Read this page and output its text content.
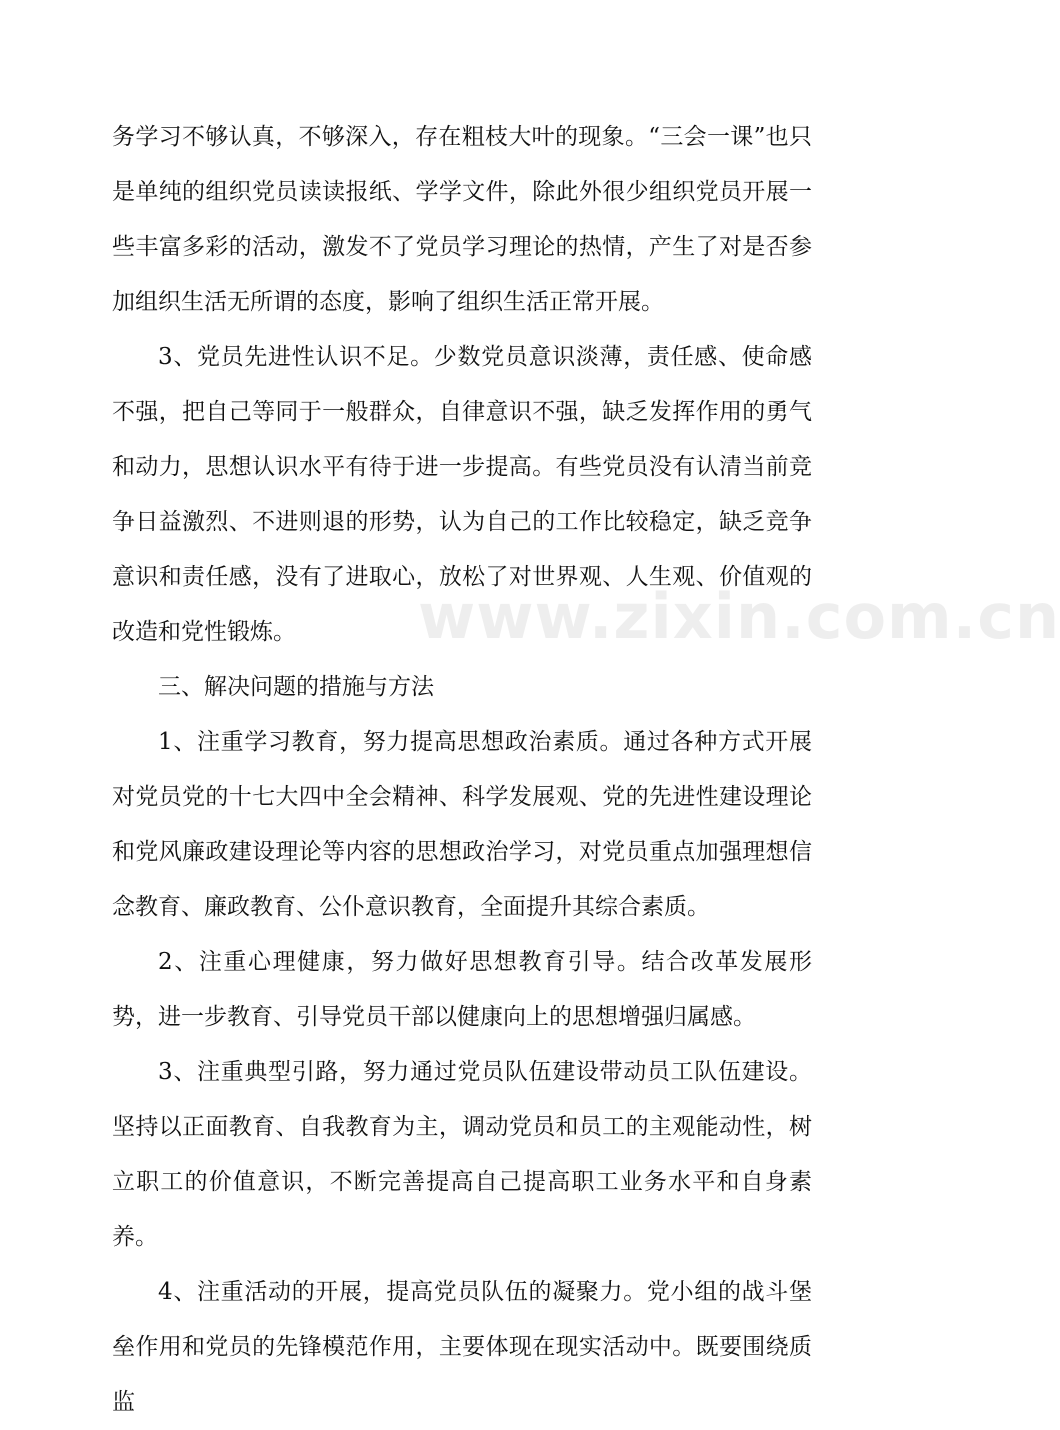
务学习不够认真，不够深入，存在粗枝大叶的现象。“三会一课”也只是单纯的组织党员读读报纸、学学文件，除此外很少组织党员开展一些丰富多彩的活动，激发不了党员学习理论的热情，产生了对是否参加组织生活无所谓的态度，影响了组织生活正常开展。

3、党员先进性认识不足。少数党员意识淡薄，责任感、使命感不强，把自己等同于一般群众，自律意识不强，缺乏发挥作用的勇气和动力，思想认识水平有待于进一步提高。有些党员没有认清当前竞争日益激烈、不进则退的形势，认为自己的工作比较稳定，缺乏竞争意识和责任感，没有了进取心，放松了对世界观、人生观、价值观的改造和党性锻炼。

三、解决问题的措施与方法

1、注重学习教育，努力提高思想政治素质。通过各种方式开展对党员党的十七大四中全会精神、科学发展观、党的先进性建设理论和党风廉政建设理论等内容的思想政治学习，对党员重点加强理想信念教育、廉政教育、公仆意识教育，全面提升其综合素质。

2、注重心理健康，努力做好思想教育引导。结合改革发展形势，进一步教育、引导党员干部以健康向上的思想增强归属感。

3、注重典型引路，努力通过党员队伍建设带动员工队伍建设。坚持以正面教育、自我教育为主，调动党员和员工的主观能动性，树立职工的价值意识，不断完善提高自己提高职工业务水平和自身素养。

4、注重活动的开展，提高党员队伍的凝聚力。党小组的战斗堡垒作用和党员的先锋模范作用，主要体现在现实活动中。既要围绕质监

www.zixin.com.cn
